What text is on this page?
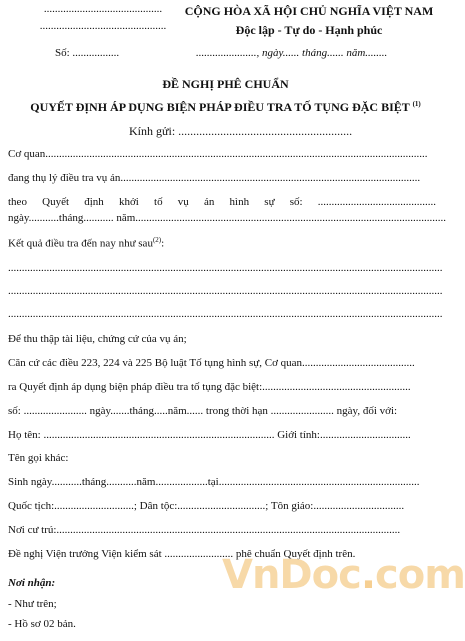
...........................................
..............................................
Số: .................
CỘNG HÒA XÃ HỘI CHỦ NGHĨA VIỆT NAM
Độc lập - Tự do - Hạnh phúc
......................, ngày...... tháng...... năm........
ĐỀ NGHỊ PHÊ CHUẨN
QUYẾT ĐỊNH ÁP DỤNG BIỆN PHÁP ĐIỀU TRA TỐ TỤNG ĐẶC BIỆT $^{(1)}$
Kính gửi: ..........................................................
Cơ quan...........................................................................................................................................
đang thụ lý điều tra vụ án.............................................................................................................
theo Quyết định khởi tố vụ án hình sự số: ...........................................
ngày...........tháng........... năm.................................................................................................................
Kết quả điều tra đến nay như sau$^{(2)}$:
..............................................................................................................................................................
..............................................................................................................................................................
..............................................................................................................................................................
Để thu thập tài liệu, chứng cứ của vụ án;
Căn cứ các điều 223, 224 và 225 Bộ luật Tố tụng hình sự, Cơ quan.........................................
ra Quyết định áp dụng biện pháp điều tra tố tụng đặc biệt:......................................................
số: ....................... ngày.......tháng.....năm...... trong thời hạn ....................... ngày, đối với:
Họ tên: .................................................................................... Giới tính:.................................
Tên gọi khác:
Sinh ngày...........tháng...........năm...................tại.........................................................................
Quốc tịch:.............................; Dân tộc:................................; Tôn giáo:.................................
Nơi cư trú:.............................................................................................................................
Đề nghị Viện trưởng Viện kiểm sát ......................... phê chuẩn Quyết định trên.
Nơi nhận:
- Như trên;
- Hồ sơ 02 bản.
VnDoc.com
